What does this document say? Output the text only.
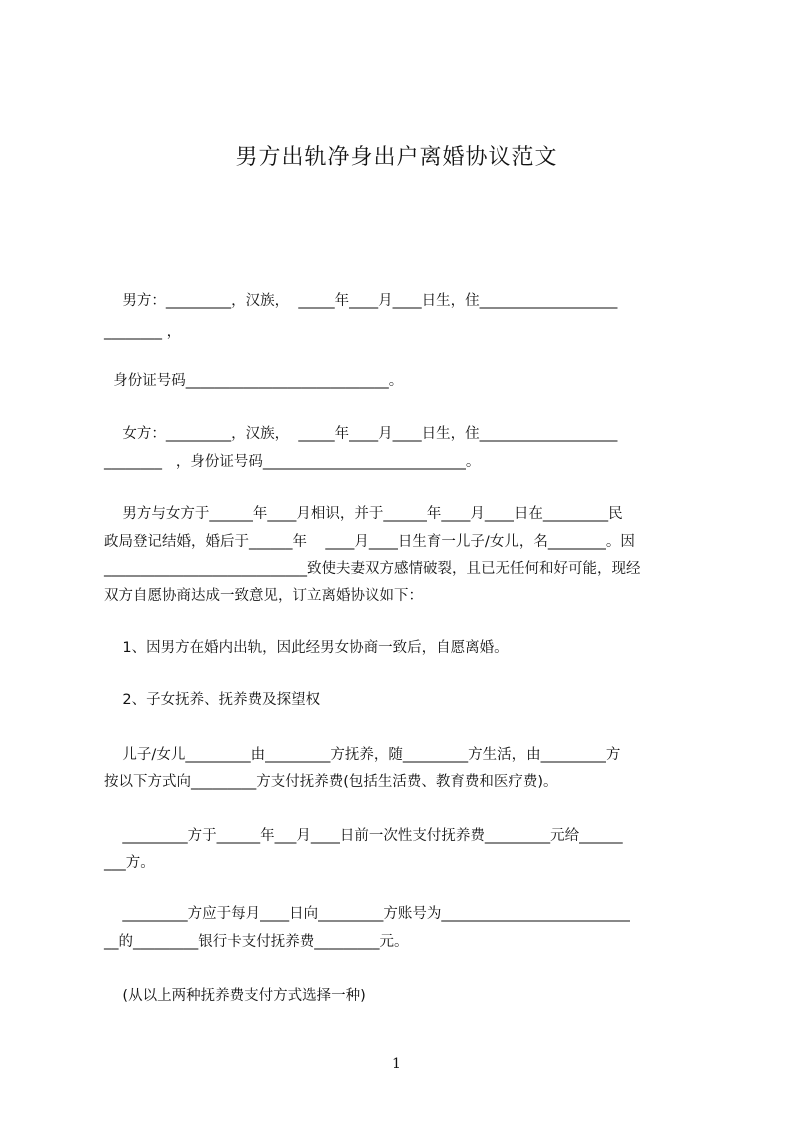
男方出轨净身出户离婚协议范文
男方：_________，汉族，  _____年____月____日生，住___________________
________ ，
身份证号码____________________________。
女方：_________，汉族，  _____年____月____日生，住___________________
________   ，身份证号码____________________________。
男方与女方于______年____月相识，并于______年____月____日在_________民
政局登记结婚，婚后于______年    ____月____日生育一儿子/女儿，名________。因
____________________________致使夫妻双方感情破裂，且已无任何和好可能，现经
双方自愿协商达成一致意见，订立离婚协议如下：
1、因男方在婚内出轨，因此经男女协商一致后，自愿离婚。
2、子女抚养、抚养费及探望权
儿子/女儿_________由_________方抚养，随_________方生活，由_________方
按以下方式向_________方支付抚养费(包括生活费、教育费和医疗费)。
_________方于______年___月____日前一次性支付抚养费_________元给______
___方。
_________方应于每月____日向_________方账号为__________________________
__的_________银行卡支付抚养费_________元。
(从以上两种抚养费支付方式选择一种)
1
